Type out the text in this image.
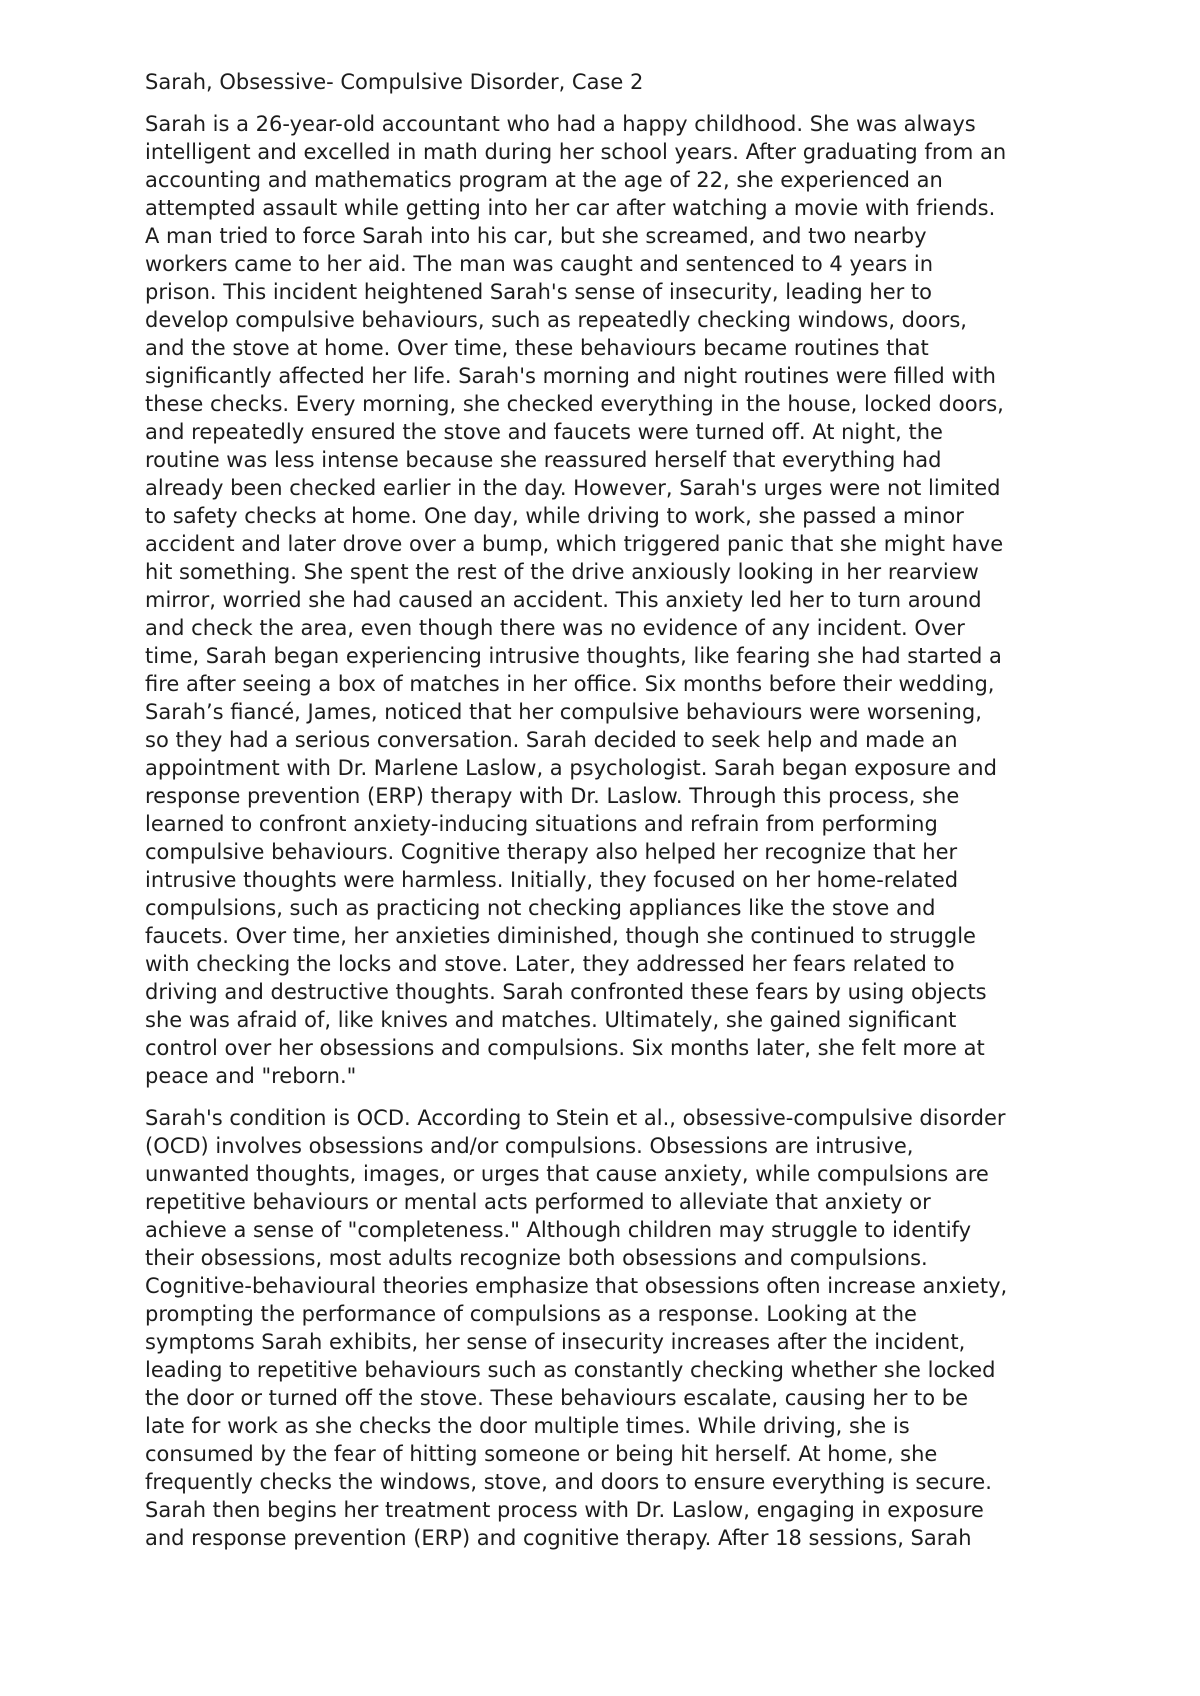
Sarah, Obsessive- Compulsive Disorder, Case 2
Sarah is a 26-year-old accountant who had a happy childhood. She was always
intelligent and excelled in math during her school years. After graduating from an
accounting and mathematics program at the age of 22, she experienced an
attempted assault while getting into her car after watching a movie with friends.
A man tried to force Sarah into his car, but she screamed, and two nearby
workers came to her aid. The man was caught and sentenced to 4 years in
prison. This incident heightened Sarah's sense of insecurity, leading her to
develop compulsive behaviours, such as repeatedly checking windows, doors,
and the stove at home. Over time, these behaviours became routines that
significantly affected her life. Sarah's morning and night routines were filled with
these checks. Every morning, she checked everything in the house, locked doors,
and repeatedly ensured the stove and faucets were turned off. At night, the
routine was less intense because she reassured herself that everything had
already been checked earlier in the day. However, Sarah's urges were not limited
to safety checks at home. One day, while driving to work, she passed a minor
accident and later drove over a bump, which triggered panic that she might have
hit something. She spent the rest of the drive anxiously looking in her rearview
mirror, worried she had caused an accident. This anxiety led her to turn around
and check the area, even though there was no evidence of any incident. Over
time, Sarah began experiencing intrusive thoughts, like fearing she had started a
fire after seeing a box of matches in her office. Six months before their wedding,
Sarah’s fiancé, James, noticed that her compulsive behaviours were worsening,
so they had a serious conversation. Sarah decided to seek help and made an
appointment with Dr. Marlene Laslow, a psychologist. Sarah began exposure and
response prevention (ERP) therapy with Dr. Laslow. Through this process, she
learned to confront anxiety-inducing situations and refrain from performing
compulsive behaviours. Cognitive therapy also helped her recognize that her
intrusive thoughts were harmless. Initially, they focused on her home-related
compulsions, such as practicing not checking appliances like the stove and
faucets. Over time, her anxieties diminished, though she continued to struggle
with checking the locks and stove. Later, they addressed her fears related to
driving and destructive thoughts. Sarah confronted these fears by using objects
she was afraid of, like knives and matches. Ultimately, she gained significant
control over her obsessions and compulsions. Six months later, she felt more at
peace and "reborn."
Sarah's condition is OCD. According to Stein et al., obsessive-compulsive disorder
(OCD) involves obsessions and/or compulsions. Obsessions are intrusive,
unwanted thoughts, images, or urges that cause anxiety, while compulsions are
repetitive behaviours or mental acts performed to alleviate that anxiety or
achieve a sense of "completeness." Although children may struggle to identify
their obsessions, most adults recognize both obsessions and compulsions.
Cognitive-behavioural theories emphasize that obsessions often increase anxiety,
prompting the performance of compulsions as a response. Looking at the
symptoms Sarah exhibits, her sense of insecurity increases after the incident,
leading to repetitive behaviours such as constantly checking whether she locked
the door or turned off the stove. These behaviours escalate, causing her to be
late for work as she checks the door multiple times. While driving, she is
consumed by the fear of hitting someone or being hit herself. At home, she
frequently checks the windows, stove, and doors to ensure everything is secure.
Sarah then begins her treatment process with Dr. Laslow, engaging in exposure
and response prevention (ERP) and cognitive therapy. After 18 sessions, Sarah
